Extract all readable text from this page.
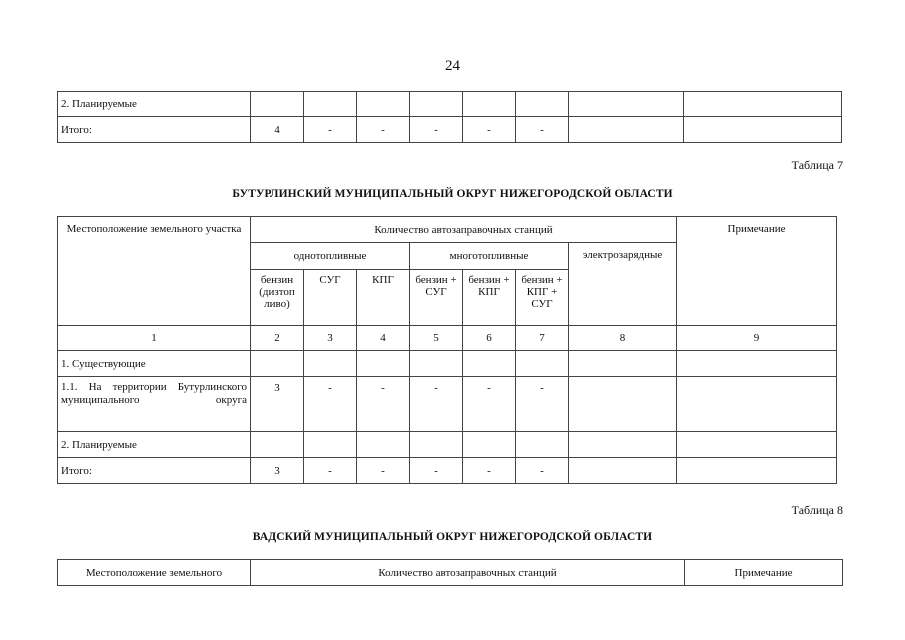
24
2. Планируемые								
Итого:	4	-	-	-	-	-		
Таблица 7
БУТУРЛИНСКИЙ МУНИЦИПАЛЬНЫЙ ОКРУГ НИЖЕГОРОДСКОЙ ОБЛАСТИ
Местоположение земельного участка	Количество автозаправочных станций							Примечание
	однотопливные			многотопливные			электрозарядные	
	бензин (дизтоп ливо)	СУГ	КПГ	бензин + СУГ	бензин + КПГ	бензин + КПГ + СУГ		
1	2	3	4	5	6	7	8	9
1. Существующие								

1.1. На территории Бутурлинского муниципального округа	3	-	-	-	-	-		
2. Планируемые								
Итого:	3	-	-	-	-	-		
Таблица 8
ВАДСКИЙ МУНИЦИПАЛЬНЫЙ ОКРУГ НИЖЕГОРОДСКОЙ ОБЛАСТИ
Местоположение земельного	Количество автозаправочных станций	Примечание
